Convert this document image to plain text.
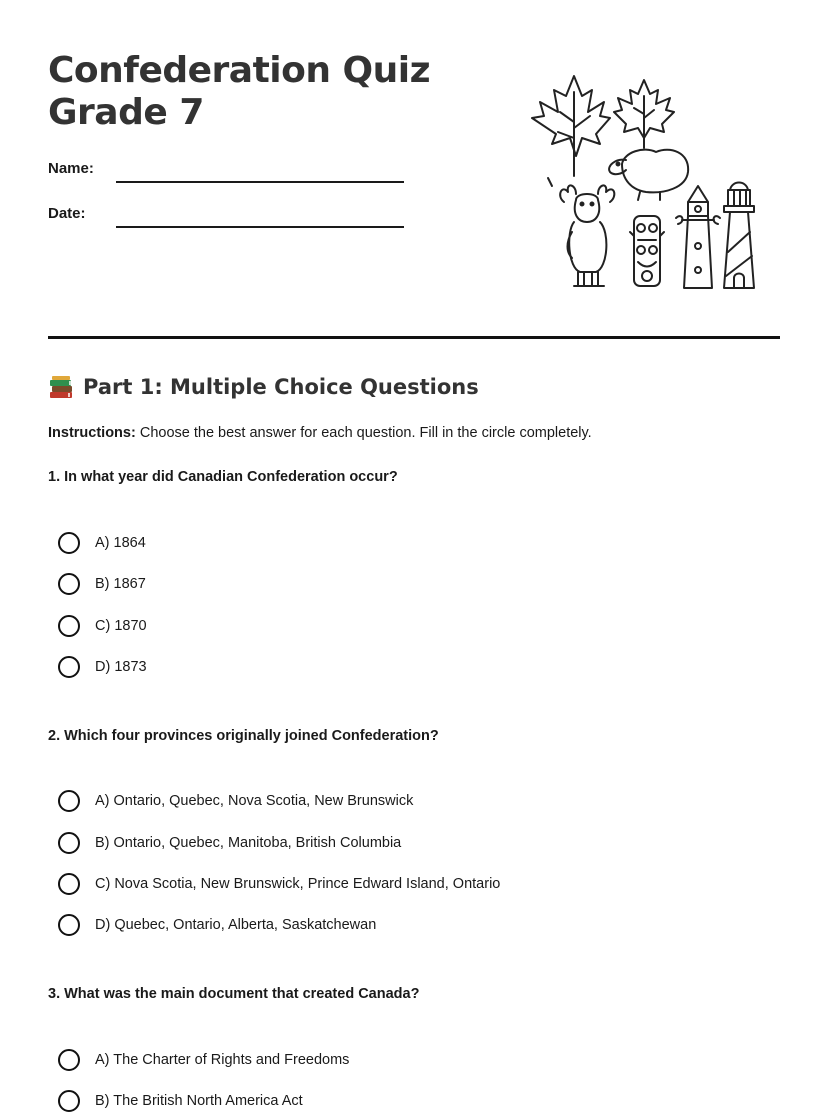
Confederation Quiz
Grade 7
Name:
Date:
Part 1: Multiple Choice Questions

Instructions: Choose the best answer for each question. Fill in the circle completely.

1. In what year did Canadian Confederation occur?

A) 1864
B) 1867
C) 1870
D) 1873

2. Which four provinces originally joined Confederation?

A) Ontario, Quebec, Nova Scotia, New Brunswick
B) Ontario, Quebec, Manitoba, British Columbia
C) Nova Scotia, New Brunswick, Prince Edward Island, Ontario
D) Quebec, Ontario, Alberta, Saskatchewan

3. What was the main document that created Canada?

A) The Charter of Rights and Freedoms
B) The British North America Act
